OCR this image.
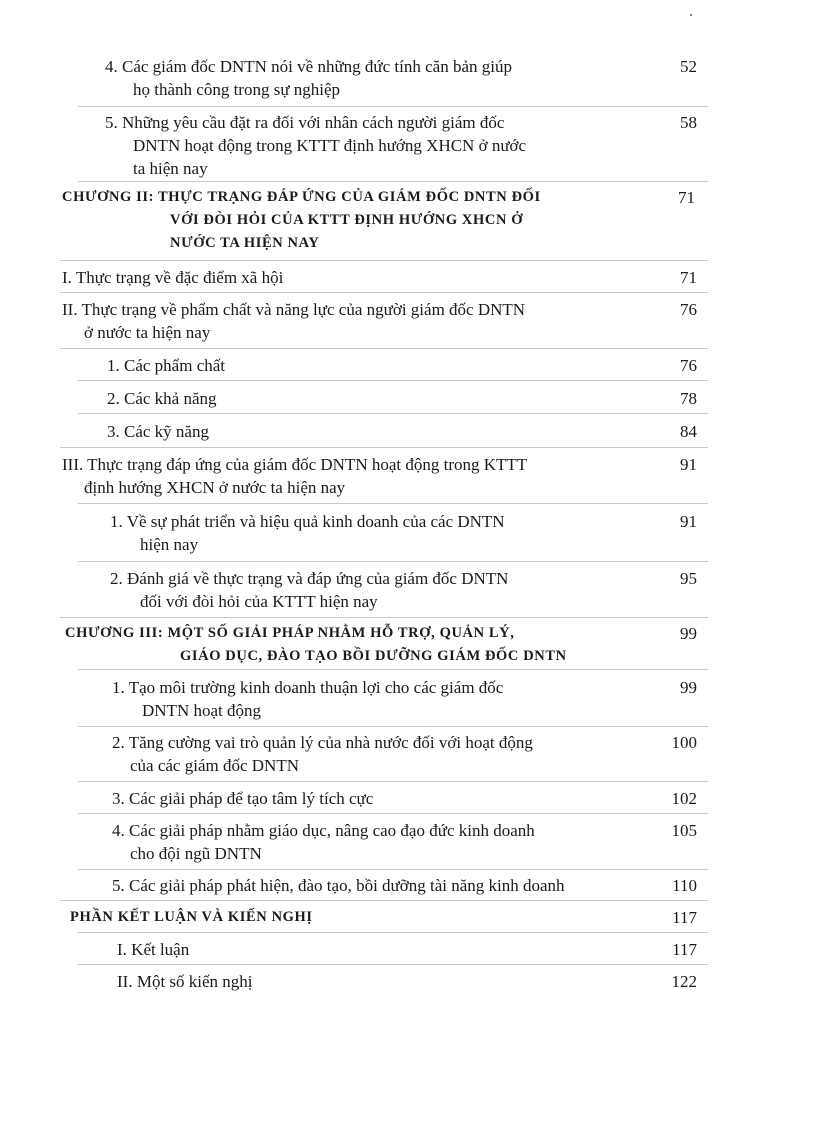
4. Các giám đốc DNTN nói về những đức tính căn bản giúp
họ thành công trong sự nghiệp
52
5. Những yêu cầu đặt ra đối với nhân cách người giám đốc
DNTN hoạt động trong KTTT định hướng XHCN ở nước
ta hiện nay
58
CHƯƠNG II: THỰC TRẠNG ĐÁP ỨNG CỦA GIÁM ĐỐC DNTN ĐỐI
VỚI ĐÒI HỎI CỦA KTTT ĐỊNH HƯỚNG XHCN Ở
NƯỚC TA HIỆN NAY
71
I. Thực trạng về đặc điểm xã hội	71
II. Thực trạng về phẩm chất và năng lực của người giám đốc DNTN
ở nước ta hiện nay
76
1. Các phẩm chất	76
2. Các khả năng	78
3. Các kỹ năng	84
III. Thực trạng đáp ứng của giám đốc DNTN hoạt động trong KTTT
định hướng XHCN ở nước ta hiện nay
91
1. Về sự phát triển và hiệu quả kinh doanh của các DNTN
hiện nay
91
2. Đánh giá về thực trạng và đáp ứng của giám đốc DNTN
đối với đòi hỏi của KTTT hiện nay
95
CHƯƠNG III: MỘT SỐ GIẢI PHÁP NHẰM HỖ TRỢ, QUẢN LÝ,
GIÁO DỤC, ĐÀO TẠO BỒI DƯỠNG GIÁM ĐỐC DNTN
99
1. Tạo môi trường kinh doanh thuận lợi cho các giám đốc
DNTN hoạt động
99
2. Tăng cường vai trò quản lý của nhà nước đối với hoạt động
của các giám đốc DNTN
100
3. Các giải pháp để tạo tâm lý tích cực	102
4. Các giải pháp nhằm giáo dục, nâng cao đạo đức kinh doanh
cho đội ngũ DNTN
105
5. Các giải pháp phát hiện, đào tạo, bồi dưỡng tài năng kinh doanh	110
PHẦN KẾT LUẬN VÀ KIẾN NGHỊ	117
I. Kết luận	117
II. Một số kiến nghị	122
